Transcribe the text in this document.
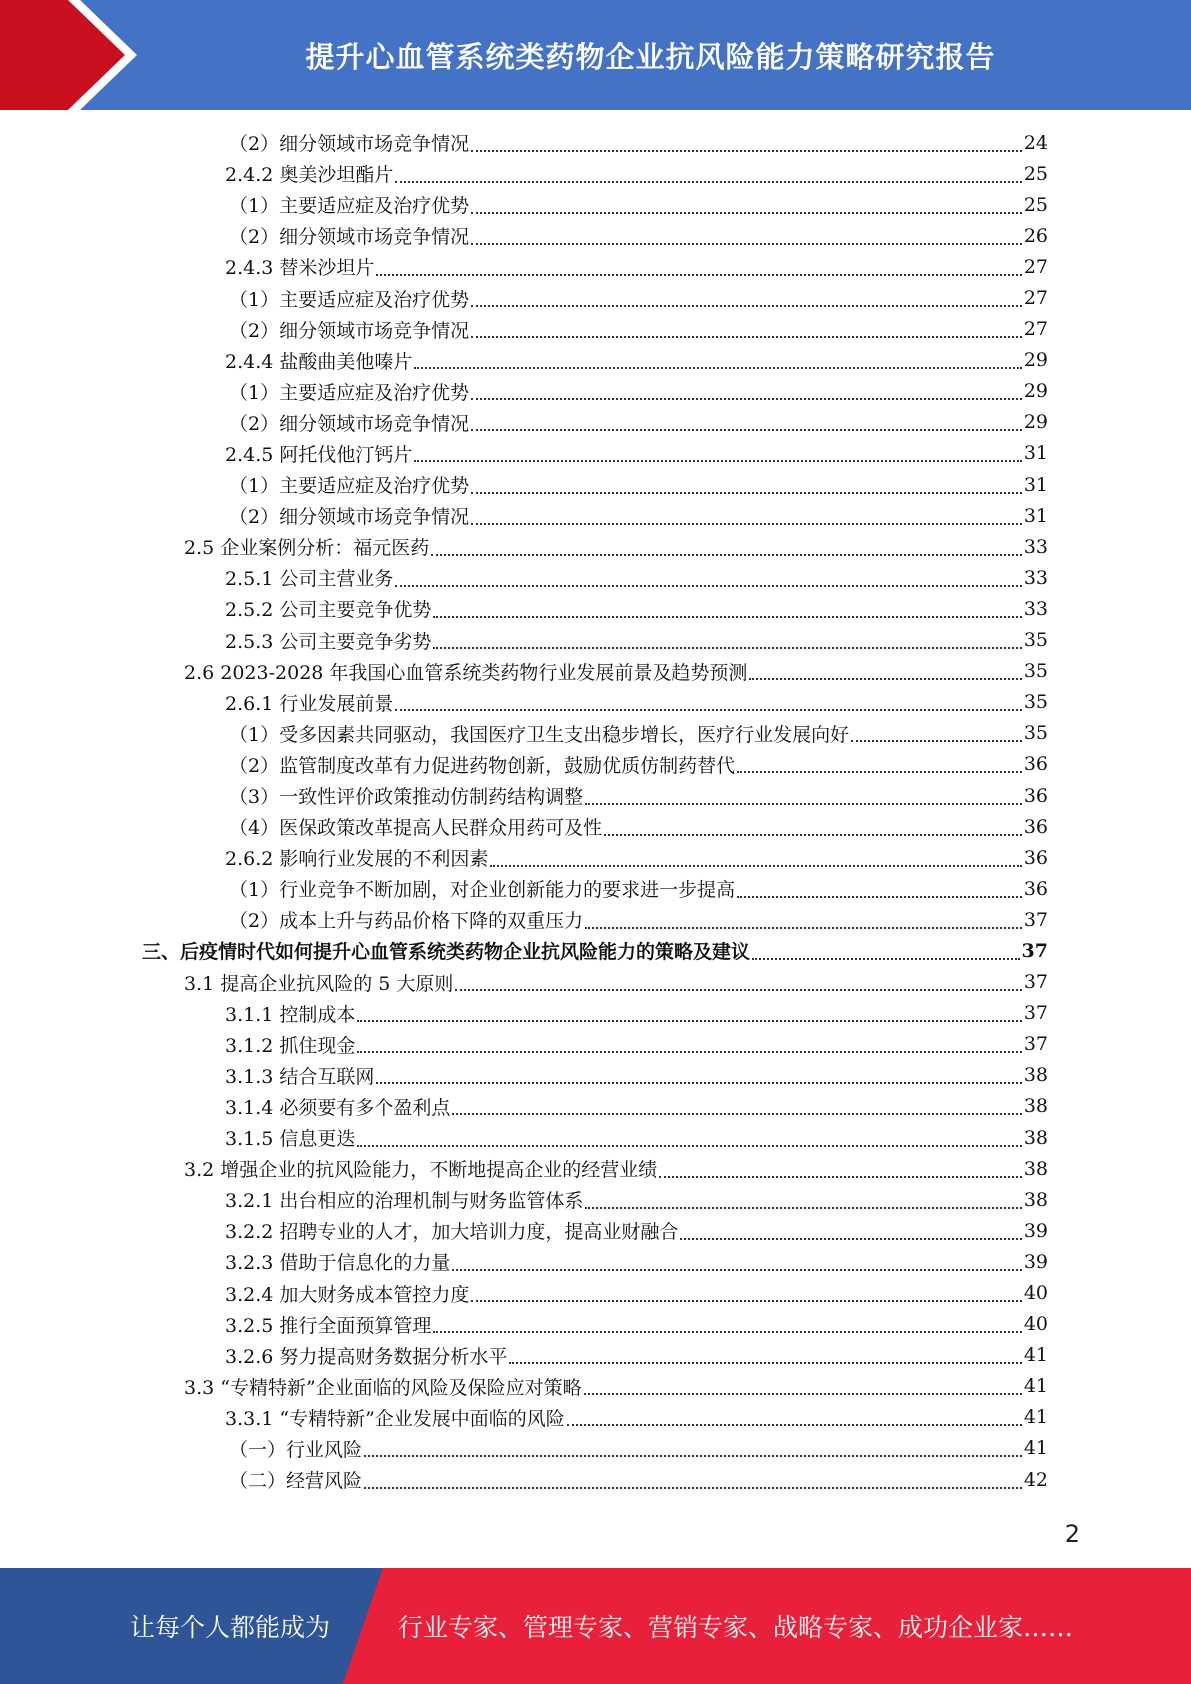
提升心血管系统类药物企业抗风险能力策略研究报告
（2）细分领域市场竞争情况	24
2.4.2 奥美沙坦酯片	25
（1）主要适应症及治疗优势	25
（2）细分领域市场竞争情况	26
2.4.3 替米沙坦片	27
（1）主要适应症及治疗优势	27
（2）细分领域市场竞争情况	27
2.4.4 盐酸曲美他嗪片	29
（1）主要适应症及治疗优势	29
（2）细分领域市场竞争情况	29
2.4.5 阿托伐他汀钙片	31
（1）主要适应症及治疗优势	31
（2）细分领域市场竞争情况	31
2.5 企业案例分析：福元医药	33
2.5.1 公司主营业务	33
2.5.2 公司主要竞争优势	33
2.5.3 公司主要竞争劣势	35
2.6 2023-2028 年我国心血管系统类药物行业发展前景及趋势预测	35
2.6.1 行业发展前景	35
（1）受多因素共同驱动，我国医疗卫生支出稳步增长，医疗行业发展向好	35
（2）监管制度改革有力促进药物创新，鼓励优质仿制药替代	36
（3）一致性评价政策推动仿制药结构调整	36
（4）医保政策改革提高人民群众用药可及性	36
2.6.2 影响行业发展的不利因素	36
（1）行业竞争不断加剧，对企业创新能力的要求进一步提高	36
（2）成本上升与药品价格下降的双重压力	37
三、后疫情时代如何提升心血管系统类药物企业抗风险能力的策略及建议	37
3.1 提高企业抗风险的 5 大原则	37
3.1.1 控制成本	37
3.1.2 抓住现金	37
3.1.3 结合互联网	38
3.1.4 必须要有多个盈利点	38
3.1.5 信息更迭	38
3.2 增强企业的抗风险能力，不断地提高企业的经营业绩	38
3.2.1 出台相应的治理机制与财务监管体系	38
3.2.2 招聘专业的人才，加大培训力度，提高业财融合	39
3.2.3 借助于信息化的力量	39
3.2.4 加大财务成本管控力度	40
3.2.5 推行全面预算管理	40
3.2.6 努力提高财务数据分析水平	41
3.3 “专精特新”企业面临的风险及保险应对策略	41
3.3.1 “专精特新”企业发展中面临的风险	41
（一）行业风险	41
（二）经营风险	42
2
让每个人都能成为	行业专家、管理专家、营销专家、战略专家、成功企业家……
